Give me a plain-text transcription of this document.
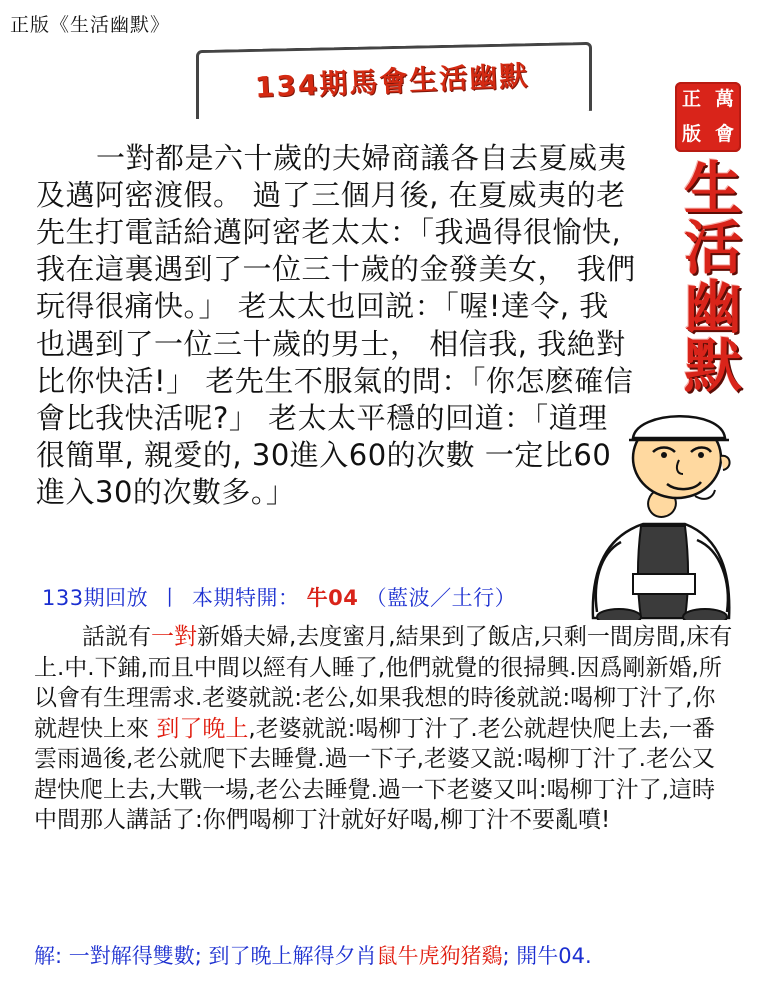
正版《生活幽默》
134期馬會生活幽默	正 萬
版 會
生
活
幽
默
一對都是六十歲的夫婦商議各自去夏威夷及邁阿密渡假。 過了三個月後, 在夏威夷的老先生打電話給邁阿密老太太：「我過得很愉快, 我在這裏遇到了一位三十歲的金發美女， 我們玩得很痛快。」 老太太也回説：「喔!達令, 我也遇到了一位三十歲的男士， 相信我, 我絶對比你快活!」 老先生不服氣的問：「你怎麽確信會比我快活呢?」 老太太平穩的回道：「道理很簡單, 親愛的, 30進入60的次數 一定比60進入30的次數多。」
133期回放 丨 本期特開： 牛04 （藍波／土行）
話説有一對新婚夫婦,去度蜜月,結果到了飯店,只剩一間房間,床有上.中.下鋪,而且中間以經有人睡了,他們就覺的很掃興.因爲剛新婚,所以會有生理需求.老婆就説:老公,如果我想的時後就説:喝柳丁汁了,你就趕快上來 到了晚上,老婆就説:喝柳丁汁了.老公就趕快爬上去,一番雲雨過後,老公就爬下去睡覺.過一下子,老婆又説:喝柳丁汁了.老公又趕快爬上去,大戰一場,老公去睡覺.過一下老婆又叫:喝柳丁汁了,這時中間那人講話了:你們喝柳丁汁就好好喝,柳丁汁不要亂噴!
解: 一對解得雙數; 到了晚上解得夕肖鼠牛虎狗猪鷄; 開牛04.
